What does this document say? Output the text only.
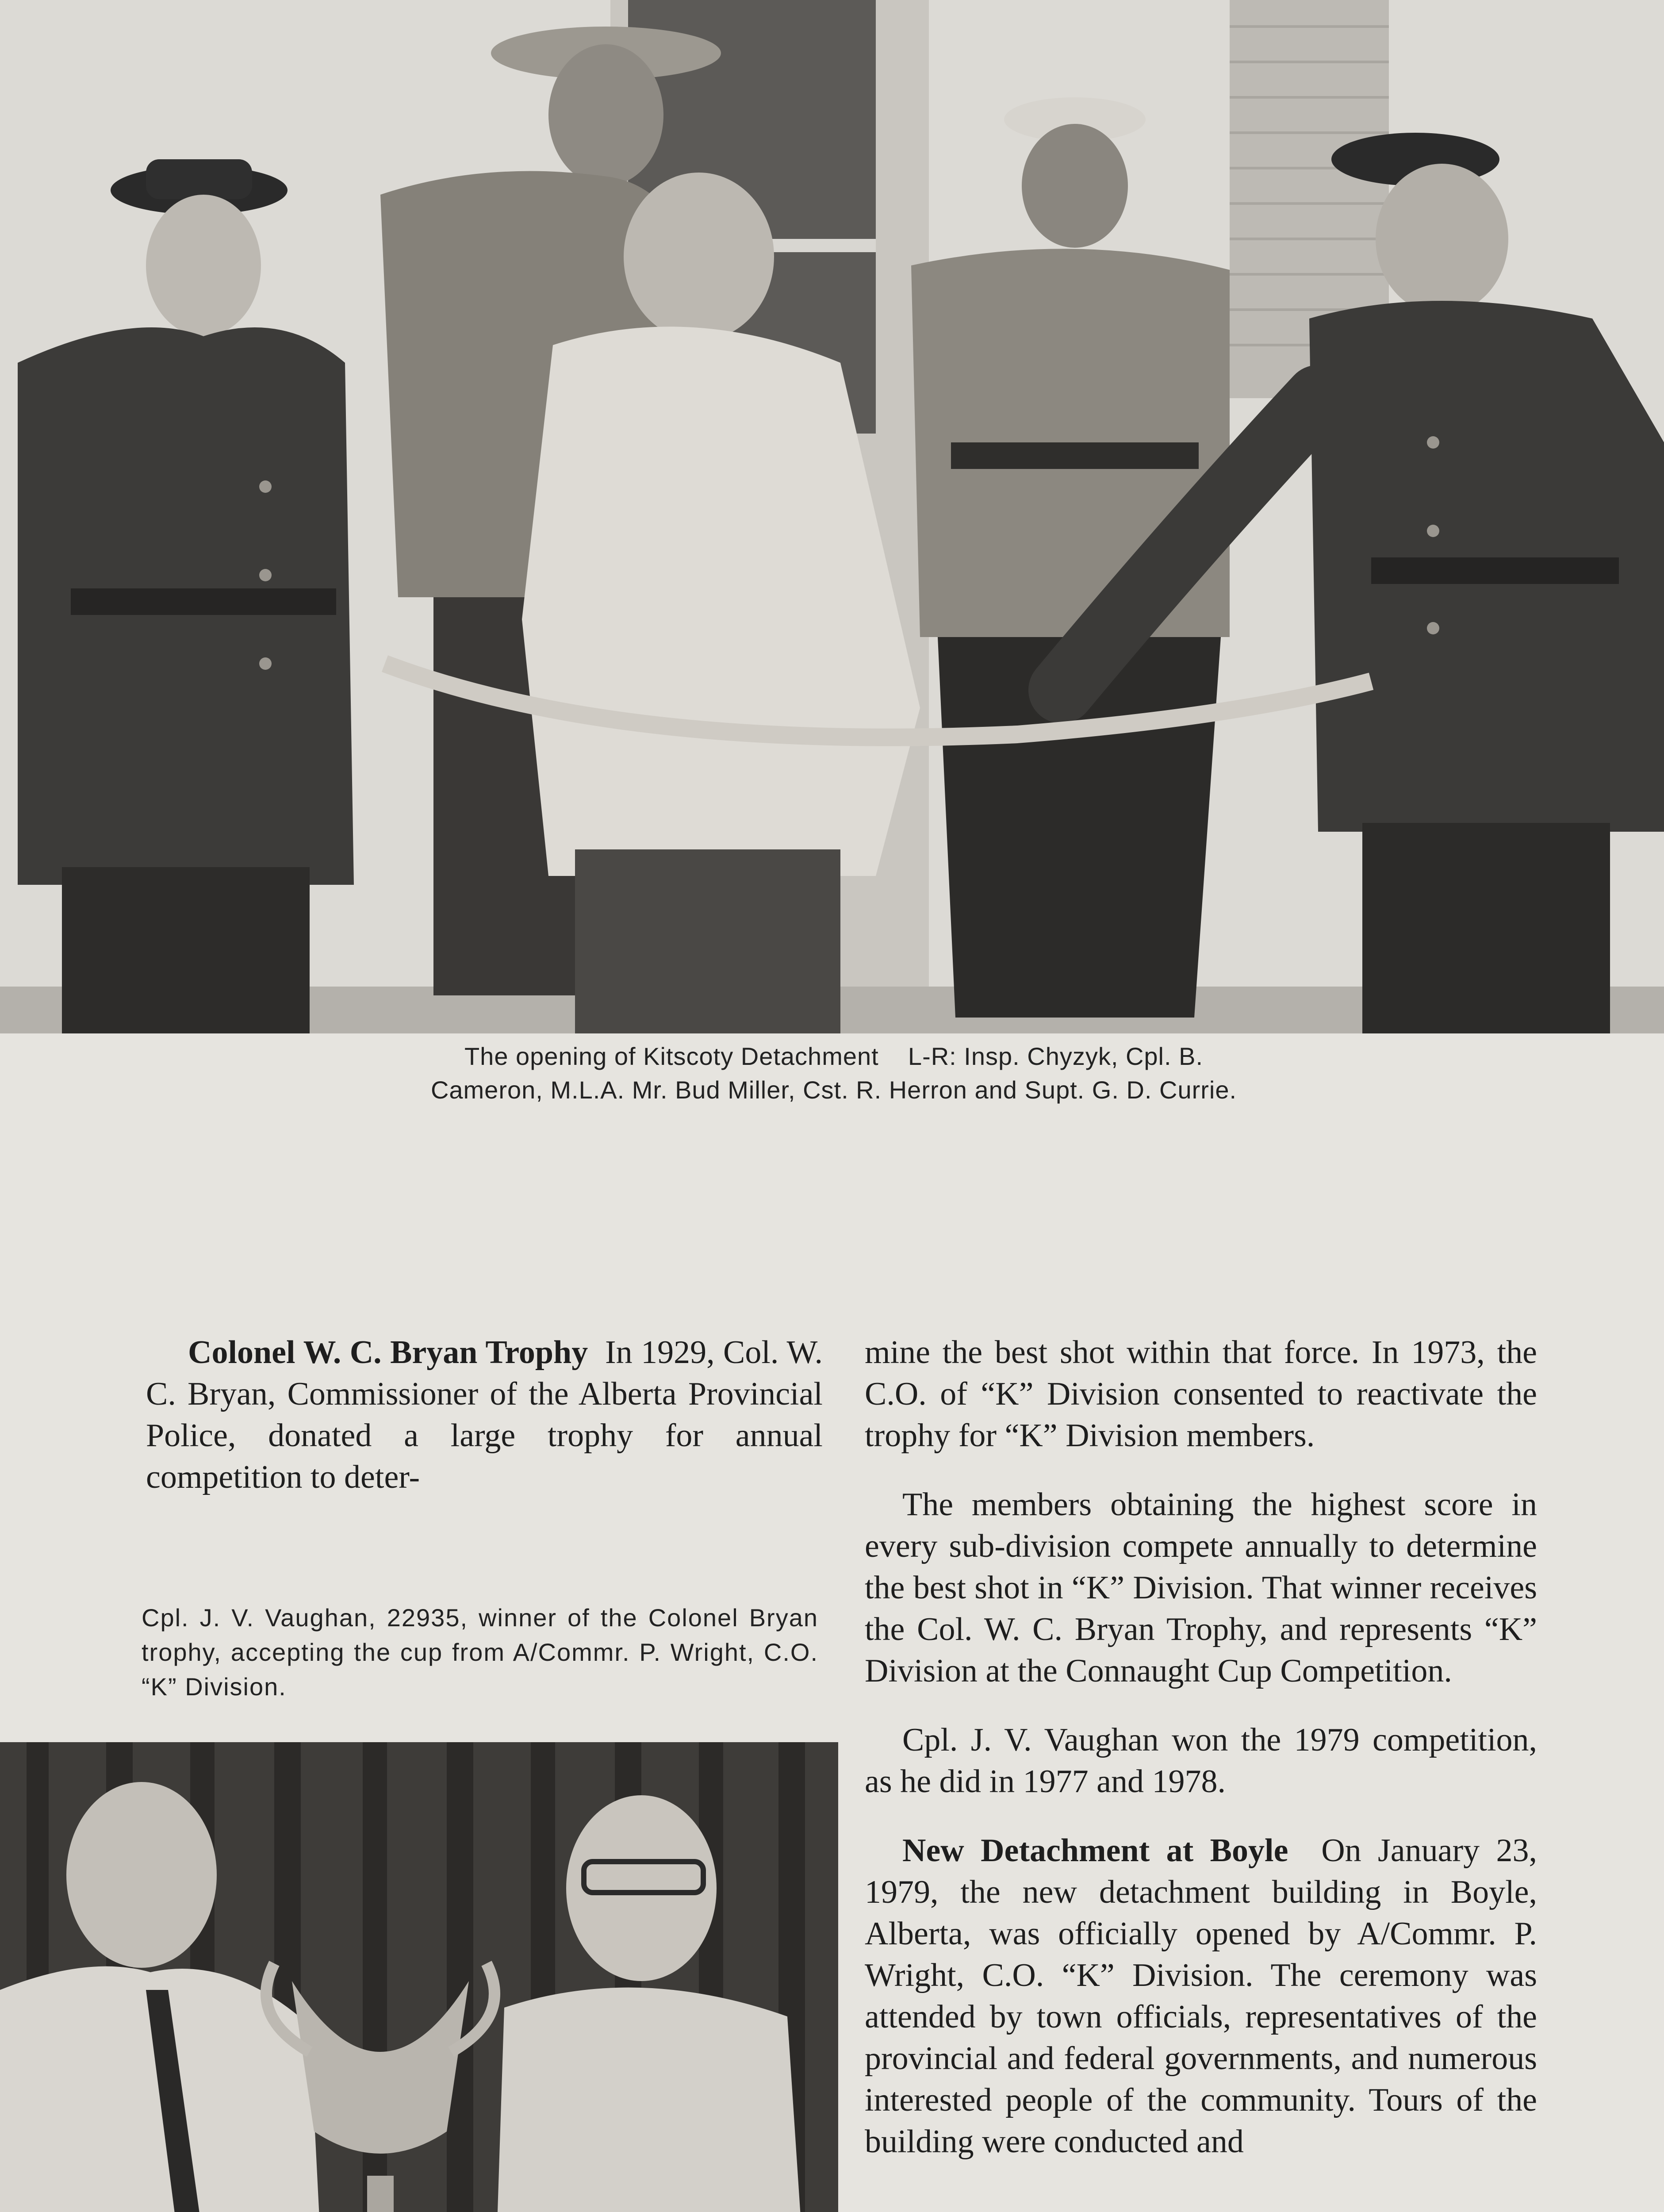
The opening of Kitscoty Detachment    L-R: Insp. Chyzyk, Cpl. B.
Cameron, M.L.A. Mr. Bud Miller, Cst. R. Herron and Supt. G. D. Currie.

Colonel W. C. Bryan Trophy In 1929, Col. W. C. Bryan, Commissioner of the Alberta Provincial Police, donated a large trophy for annual competition to deter-

Cpl. J. V. Vaughan, 22935, winner of the Colonel Bryan trophy, accepting the cup from A/Commr. P. Wright, C.O. “K” Division.

mine the best shot within that force. In 1973, the C.O. of “K” Division consented to reactivate the trophy for “K” Division members.

The members obtaining the highest score in every sub-division compete annually to determine the best shot in “K” Division. That winner receives the Col. W. C. Bryan Trophy, and represents “K” Division at the Connaught Cup Competition.

Cpl. J. V. Vaughan won the 1979 competition, as he did in 1977 and 1978.

New Detachment at Boyle On January 23, 1979, the new detachment building in Boyle, Alberta, was officially opened by A/Commr. P. Wright, C.O. “K” Division. The ceremony was attended by town officials, representatives of the provincial and federal governments, and numerous interested people of the community. Tours of the building were conducted and
